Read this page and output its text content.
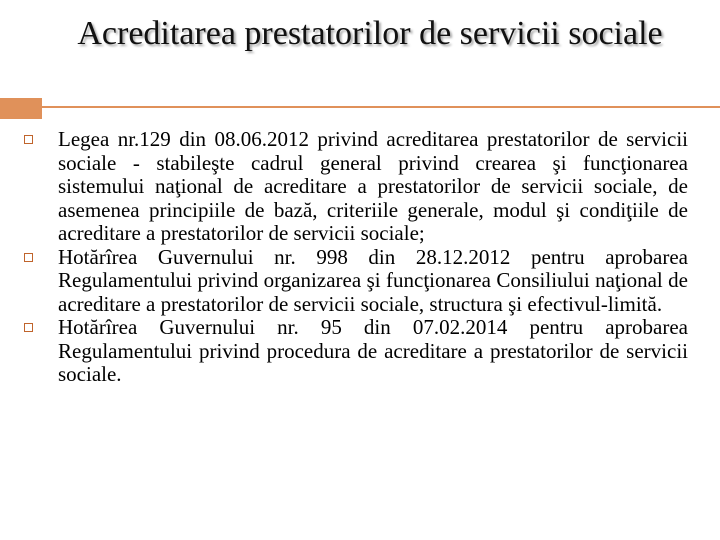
Acreditarea prestatorilor de servicii sociale
Legea nr.129 din 08.06.2012 privind acreditarea prestatorilor de servicii sociale - stabileşte cadrul general privind crearea şi funcţionarea sistemului naţional de acreditare a prestatorilor de servicii sociale, de asemenea principiile de bază, criteriile generale, modul şi condiţiile de acreditare a prestatorilor de servicii sociale;
Hotărîrea Guvernului nr. 998 din 28.12.2012 pentru aprobarea Regulamentului privind organizarea şi funcţionarea Consiliului naţional de acreditare a prestatorilor de servicii sociale, structura şi efectivul-limită.
Hotărîrea Guvernului nr. 95 din 07.02.2014 pentru aprobarea Regulamentului privind procedura de acreditare a prestatorilor de servicii sociale.
